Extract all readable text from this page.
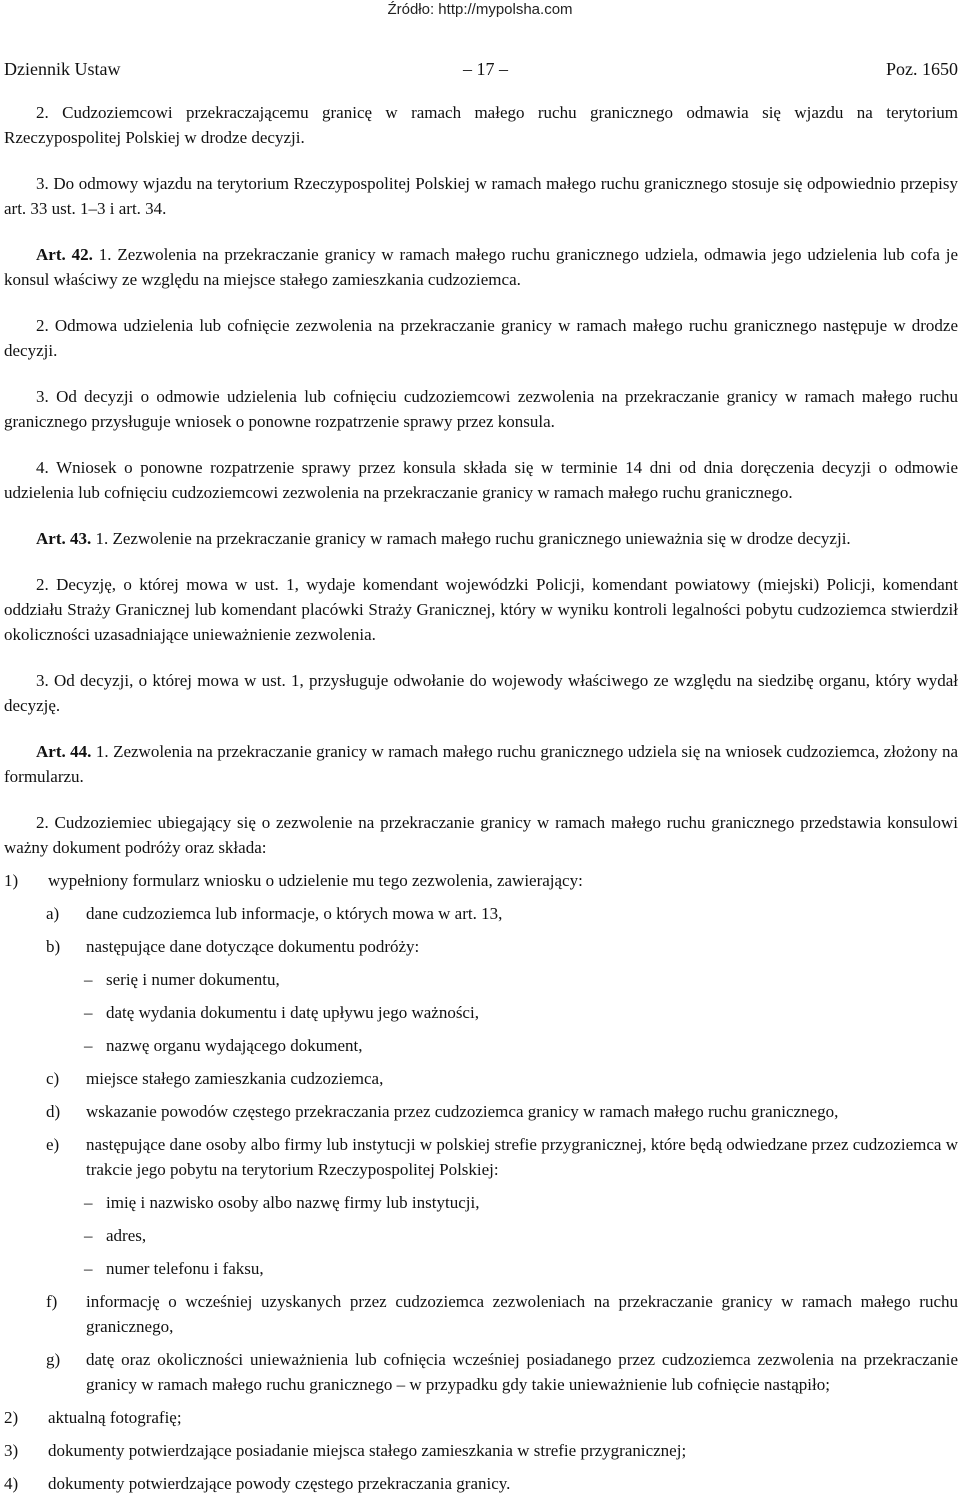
Źródło: http://mypolsha.com
Dziennik Ustaw	– 17 –	Poz. 1650

2. Cudzoziemcowi przekraczającemu granicę w ramach małego ruchu granicznego odmawia się wjazdu na terytorium Rzeczypospolitej Polskiej w drodze decyzji.

3. Do odmowy wjazdu na terytorium Rzeczypospolitej Polskiej w ramach małego ruchu granicznego stosuje się odpowiednio przepisy art. 33 ust. 1–3 i art. 34.

Art. 42. 1. Zezwolenia na przekraczanie granicy w ramach małego ruchu granicznego udziela, odmawia jego udzielenia lub cofa je konsul właściwy ze względu na miejsce stałego zamieszkania cudzoziemca.

2. Odmowa udzielenia lub cofnięcie zezwolenia na przekraczanie granicy w ramach małego ruchu granicznego następuje w drodze decyzji.

3. Od decyzji o odmowie udzielenia lub cofnięciu cudzoziemcowi zezwolenia na przekraczanie granicy w ramach małego ruchu granicznego przysługuje wniosek o ponowne rozpatrzenie sprawy przez konsula.

4. Wniosek o ponowne rozpatrzenie sprawy przez konsula składa się w terminie 14 dni od dnia doręczenia decyzji o odmowie udzielenia lub cofnięciu cudzoziemcowi zezwolenia na przekraczanie granicy w ramach małego ruchu granicznego.

Art. 43. 1. Zezwolenie na przekraczanie granicy w ramach małego ruchu granicznego unieważnia się w drodze decyzji.

2. Decyzję, o której mowa w ust. 1, wydaje komendant wojewódzki Policji, komendant powiatowy (miejski) Policji, komendant oddziału Straży Granicznej lub komendant placówki Straży Granicznej, który w wyniku kontroli legalności pobytu cudzoziemca stwierdził okoliczności uzasadniające unieważnienie zezwolenia.

3. Od decyzji, o której mowa w ust. 1, przysługuje odwołanie do wojewody właściwego ze względu na siedzibę organu, który wydał decyzję.

Art. 44. 1. Zezwolenia na przekraczanie granicy w ramach małego ruchu granicznego udziela się na wniosek cudzoziemca, złożony na formularzu.

2. Cudzoziemiec ubiegający się o zezwolenie na przekraczanie granicy w ramach małego ruchu granicznego przedstawia konsulowi ważny dokument podróży oraz składa:

1) wypełniony formularz wniosku o udzielenie mu tego zezwolenia, zawierający:
a) dane cudzoziemca lub informacje, o których mowa w art. 13,
b) następujące dane dotyczące dokumentu podróży:
– serię i numer dokumentu,
– datę wydania dokumentu i datę upływu jego ważności,
– nazwę organu wydającego dokument,
c) miejsce stałego zamieszkania cudzoziemca,
d) wskazanie powodów częstego przekraczania przez cudzoziemca granicy w ramach małego ruchu granicznego,
e) następujące dane osoby albo firmy lub instytucji w polskiej strefie przygranicznej, które będą odwiedzane przez cudzoziemca w trakcie jego pobytu na terytorium Rzeczypospolitej Polskiej:
– imię i nazwisko osoby albo nazwę firmy lub instytucji,
– adres,
– numer telefonu i faksu,
f) informację o wcześniej uzyskanych przez cudzoziemca zezwoleniach na przekraczanie granicy w ramach małego ruchu granicznego,
g) datę oraz okoliczności unieważnienia lub cofnięcia wcześniej posiadanego przez cudzoziemca zezwolenia na przekraczanie granicy w ramach małego ruchu granicznego – w przypadku gdy takie unieważnienie lub cofnięcie nastąpiło;
2) aktualną fotografię;
3) dokumenty potwierdzające posiadanie miejsca stałego zamieszkania w strefie przygranicznej;
4) dokumenty potwierdzające powody częstego przekraczania granicy.
